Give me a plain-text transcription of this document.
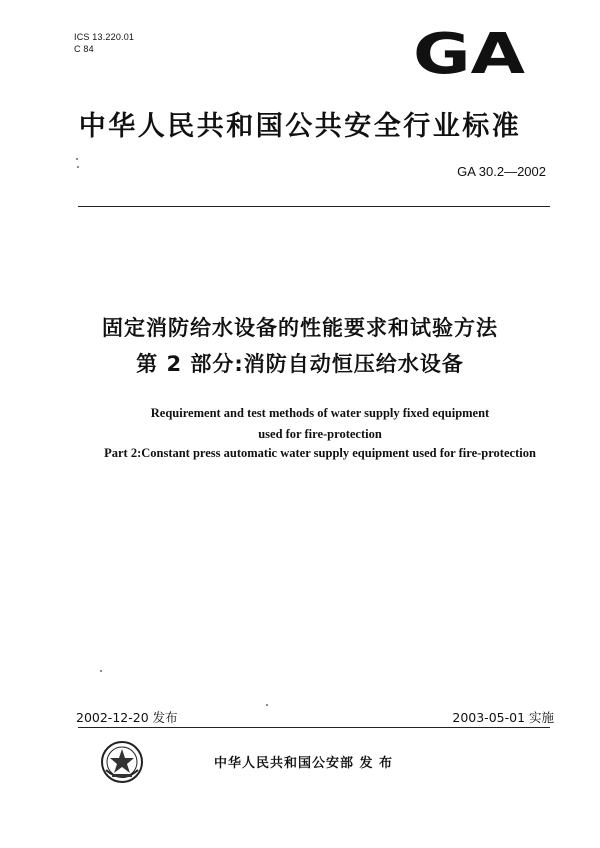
ICS 13.220.01
C 84	GA
中华人民共和国公共安全行业标准
GA 30.2—2002
固定消防给水设备的性能要求和试验方法
第 2 部分:消防自动恒压给水设备
Requirement and test methods of water supply fixed equipment
used for fire-protection
Part 2:Constant press automatic water supply equipment used for fire-protection
2002-12-20 发布	2003-05-01 实施
中华人民共和国公安部 发 布
